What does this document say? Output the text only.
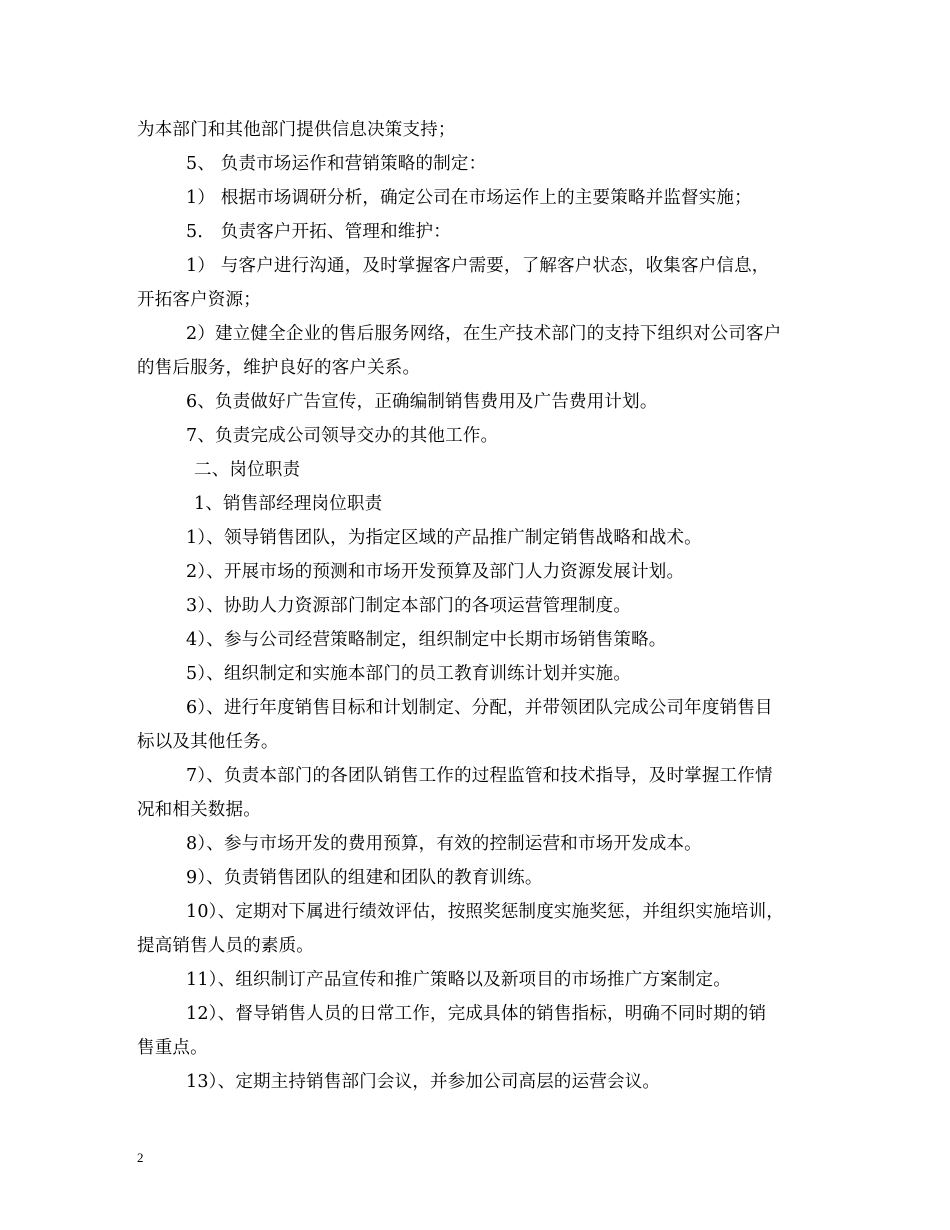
为本部门和其他部门提供信息决策支持；
5、 负责市场运作和营销策略的制定：
1） 根据市场调研分析，确定公司在市场运作上的主要策略并监督实施；
5． 负责客户开拓、管理和维护：
1） 与客户进行沟通，及时掌握客户需要，了解客户状态，收集客户信息，
开拓客户资源；
2）建立健全企业的售后服务网络，在生产技术部门的支持下组织对公司客户
的售后服务，维护良好的客户关系。
6、负责做好广告宣传，正确编制销售费用及广告费用计划。
7、负责完成公司领导交办的其他工作。
二、岗位职责
1、销售部经理岗位职责
1）、领导销售团队，为指定区域的产品推广制定销售战略和战术。
2）、开展市场的预测和市场开发预算及部门人力资源发展计划。
3）、协助人力资源部门制定本部门的各项运营管理制度。
4）、参与公司经营策略制定，组织制定中长期市场销售策略。
5）、组织制定和实施本部门的员工教育训练计划并实施。
6）、进行年度销售目标和计划制定、分配，并带领团队完成公司年度销售目
标以及其他任务。
7）、负责本部门的各团队销售工作的过程监管和技术指导，及时掌握工作情
况和相关数据。
8）、参与市场开发的费用预算，有效的控制运营和市场开发成本。
9）、负责销售团队的组建和团队的教育训练。
10）、定期对下属进行绩效评估，按照奖惩制度实施奖惩，并组织实施培训，
提高销售人员的素质。
11）、组织制订产品宣传和推广策略以及新项目的市场推广方案制定。
12）、督导销售人员的日常工作，完成具体的销售指标，明确不同时期的销
售重点。
13）、定期主持销售部门会议，并参加公司高层的运营会议。
2
